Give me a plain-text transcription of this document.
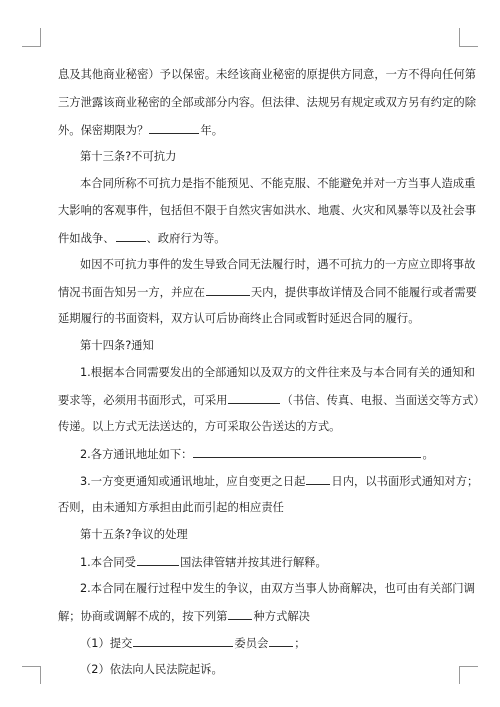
息及其他商业秘密）予以保密。未经该商业秘密的原提供方同意，一方不得向任何第
三方泄露该商业秘密的全部或部分内容。但法律、法规另有规定或双方另有约定的除
外。保密期限为？	年。
第十三条?不可抗力
本合同所称不可抗力是指不能预见、不能克服、不能避免并对一方当事人造成重
大影响的客观事件，包括但不限于自然灾害如洪水、地震、火灾和风暴等以及社会事
件如战争、	、政府行为等。
如因不可抗力事件的发生导致合同无法履行时，遇不可抗力的一方应立即将事故
情况书面告知另一方，并应在	天内，提供事故详情及合同不能履行或者需要
延期履行的书面资料，双方认可后协商终止合同或暂时延迟合同的履行。
第十四条?通知
1.根据本合同需要发出的全部通知以及双方的文件往来及与本合同有关的通知和
要求等，必须用书面形式，可采用	（书信、传真、电报、当面送交等方式）
传递。以上方式无法送达的，方可采取公告送达的方式。
2.各方通讯地址如下：	。
3.一方变更通知或通讯地址，应自变更之日起 日内，以书面形式通知对方；
否则，由未通知方承担由此而引起的相应责任
第十五条?争议的处理
1.本合同受	国法律管辖并按其进行解释。
2.本合同在履行过程中发生的争议，由双方当事人协商解决，也可由有关部门调
解；协商或调解不成的，按下列第 种方式解决
（1）提交	委员会 ；
（2）依法向人民法院起诉。
